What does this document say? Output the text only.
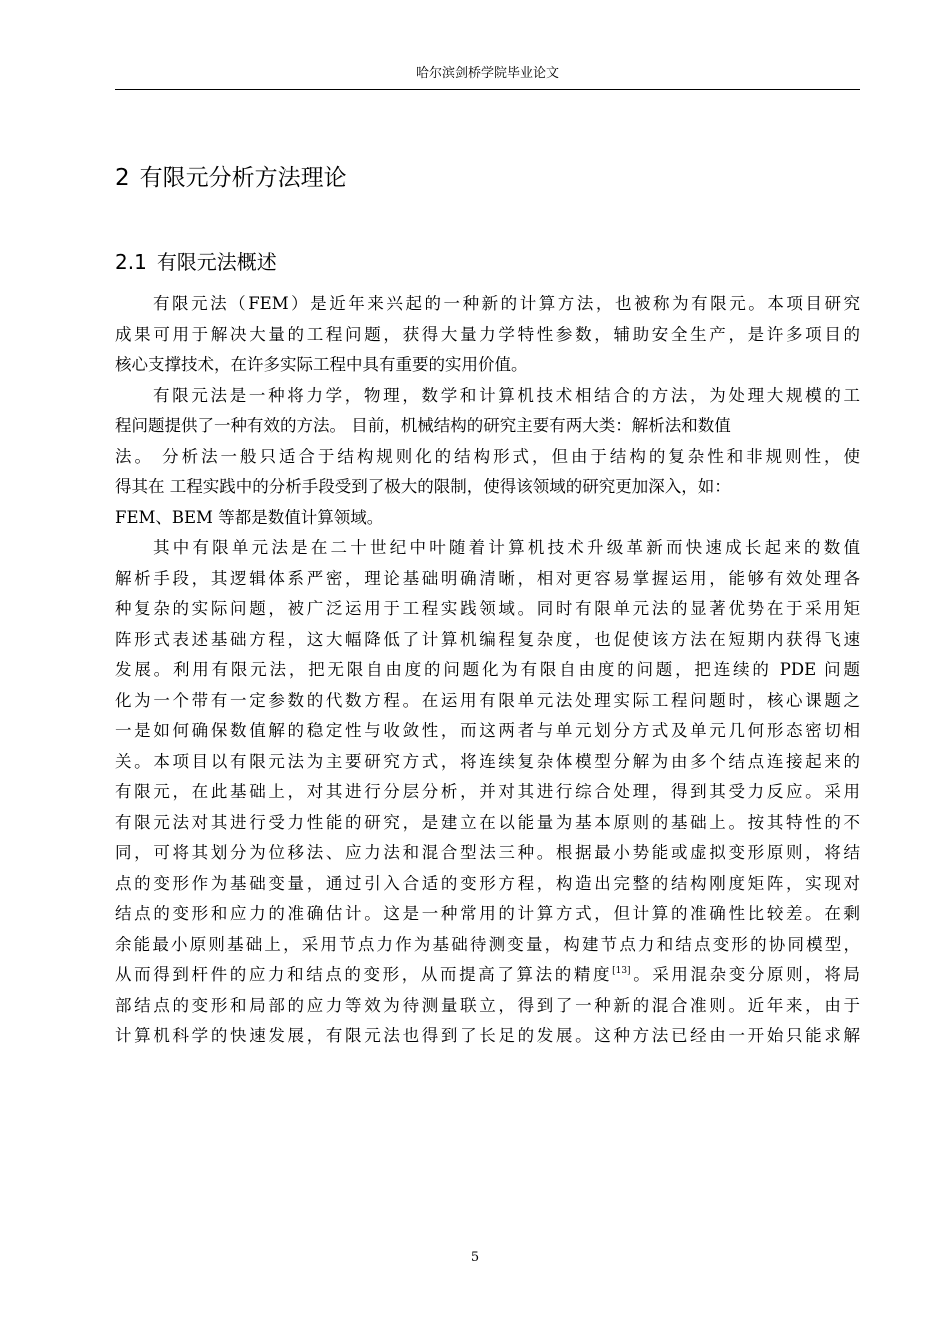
哈尔滨剑桥学院毕业论文
2 有限元分析方法理论
2.1 有限元法概述
有限元法（FEM）是近年来兴起的一种新的计算方法，也被称为有限元。本项目研究
成果可用于解决大量的工程问题，获得大量力学特性参数，辅助安全生产，是许多项目的
核心支撑技术，在许多实际工程中具有重要的实用价值。
有限元法是一种将力学，物理，数学和计算机技术相结合的方法，为处理大规模的工
程问题提供了一种有效的方法。 目前，机械结构的研究主要有两大类：解析法和数值
法。 分析法一般只适合于结构规则化的结构形式，但由于结构的复杂性和非规则性，使
得其在 工程实践中的分析手段受到了极大的限制，使得该领域的研究更加深入，如：
FEM、BEM 等都是数值计算领域。
其中有限单元法是在二十世纪中叶随着计算机技术升级革新而快速成长起来的数值
解析手段，其逻辑体系严密，理论基础明确清晰，相对更容易掌握运用，能够有效处理各
种复杂的实际问题，被广泛运用于工程实践领域。同时有限单元法的显著优势在于采用矩
阵形式表述基础方程，这大幅降低了计算机编程复杂度，也促使该方法在短期内获得飞速
发展。利用有限元法，把无限自由度的问题化为有限自由度的问题，把连续的 PDE 问题
化为一个带有一定参数的代数方程。在运用有限单元法处理实际工程问题时，核心课题之
一是如何确保数值解的稳定性与收敛性，而这两者与单元划分方式及单元几何形态密切相
关。本项目以有限元法为主要研究方式，将连续复杂体模型分解为由多个结点连接起来的
有限元，在此基础上，对其进行分层分析，并对其进行综合处理，得到其受力反应。采用
有限元法对其进行受力性能的研究，是建立在以能量为基本原则的基础上。按其特性的不
同，可将其划分为位移法、应力法和混合型法三种。根据最小势能或虚拟变形原则，将结
点的变形作为基础变量，通过引入合适的变形方程，构造出完整的结构刚度矩阵，实现对
结点的变形和应力的准确估计。这是一种常用的计算方式，但计算的准确性比较差。在剩
余能最小原则基础上，采用节点力作为基础待测变量，构建节点力和结点变形的协同模型，
从而得到杆件的应力和结点的变形，从而提高了算法的精度[13]。采用混杂变分原则，将局
部结点的变形和局部的应力等效为待测量联立，得到了一种新的混合准则。近年来，由于
计算机科学的快速发展，有限元法也得到了长足的发展。这种方法已经由一开始只能求解
5
